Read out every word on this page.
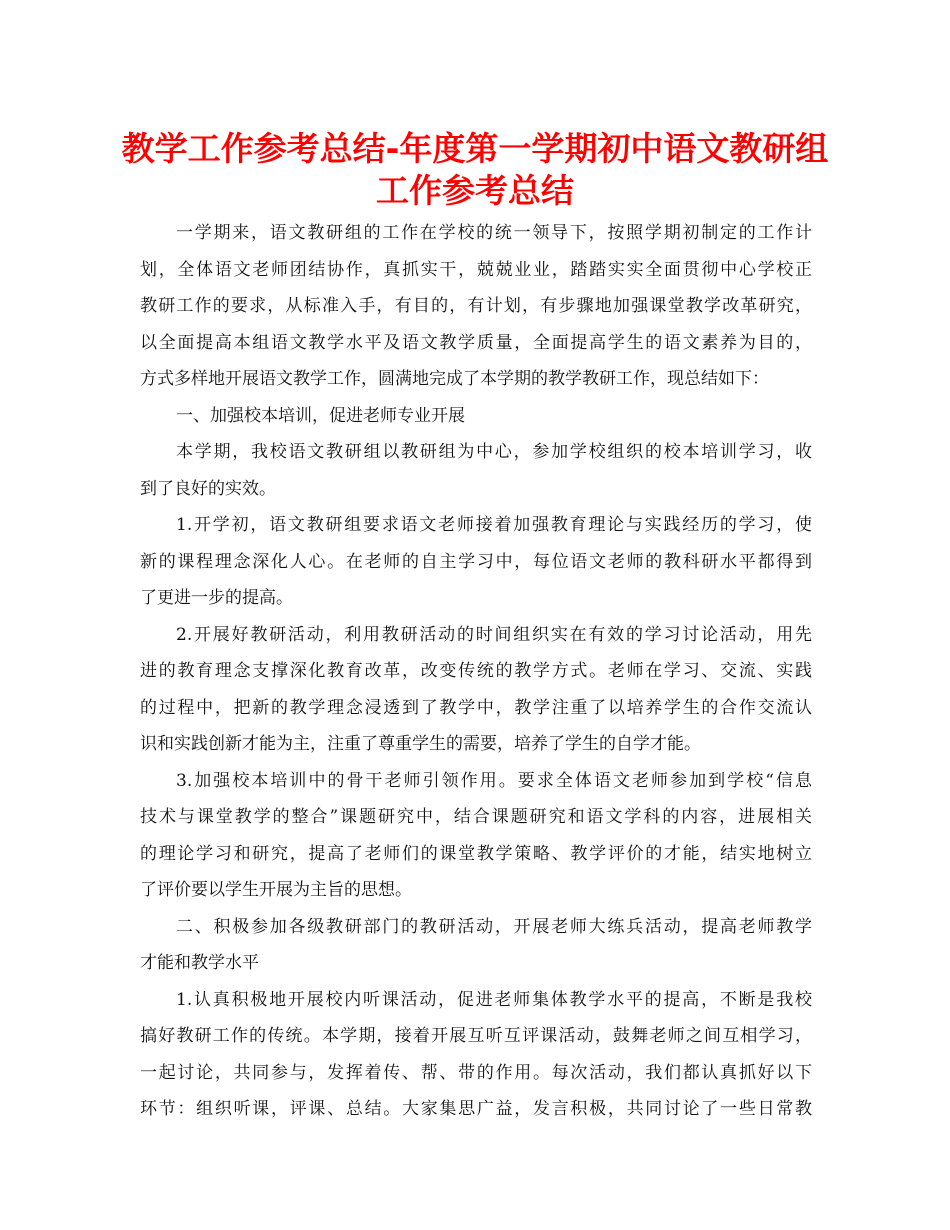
教学工作参考总结-年度第一学期初中语文教研组
工作参考总结
一学期来，语文教研组的工作在学校的统一领导下，按照学期初制定的工作计
划，全体语文老师团结协作，真抓实干，兢兢业业，踏踏实实全面贯彻中心学校正
教研工作的要求，从标准入手，有目的，有计划，有步骤地加强课堂教学改革研究，
以全面提高本组语文教学水平及语文教学质量，全面提高学生的语文素养为目的，
方式多样地开展语文教学工作，圆满地完成了本学期的教学教研工作，现总结如下：
一、加强校本培训，促进老师专业开展
本学期，我校语文教研组以教研组为中心，参加学校组织的校本培训学习，收
到了良好的实效。
1.开学初，语文教研组要求语文老师接着加强教育理论与实践经历的学习，使
新的课程理念深化人心。在老师的自主学习中，每位语文老师的教科研水平都得到
了更进一步的提高。
2.开展好教研活动，利用教研活动的时间组织实在有效的学习讨论活动，用先
进的教育理念支撑深化教育改革，改变传统的教学方式。老师在学习、交流、实践
的过程中，把新的教学理念浸透到了教学中，教学注重了以培养学生的合作交流认
识和实践创新才能为主，注重了尊重学生的需要，培养了学生的自学才能。
3.加强校本培训中的骨干老师引领作用。要求全体语文老师参加到学校“信息
技术与课堂教学的整合”课题研究中，结合课题研究和语文学科的内容，进展相关
的理论学习和研究，提高了老师们的课堂教学策略、教学评价的才能，结实地树立
了评价要以学生开展为主旨的思想。
二、积极参加各级教研部门的教研活动，开展老师大练兵活动，提高老师教学
才能和教学水平
1.认真积极地开展校内听课活动，促进老师集体教学水平的提高，不断是我校
搞好教研工作的传统。本学期，接着开展互听互评课活动，鼓舞老师之间互相学习，
一起讨论，共同参与，发挥着传、帮、带的作用。每次活动，我们都认真抓好以下
环节：组织听课，评课、总结。大家集思广益，发言积极，共同讨论了一些日常教
